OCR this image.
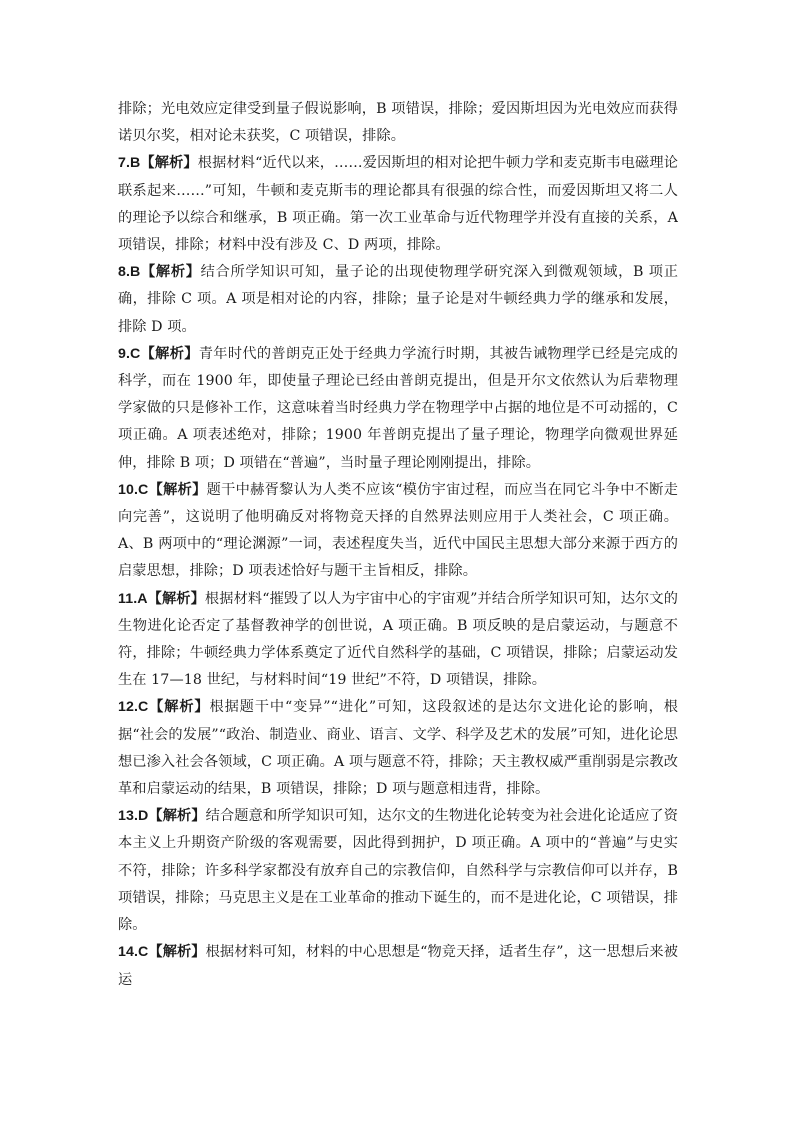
排除；光电效应定律受到量子假说影响，B 项错误，排除；爱因斯坦因为光电效应而获得诺贝尔奖，相对论未获奖，C 项错误，排除。

7.B【解析】根据材料“近代以来，……爱因斯坦的相对论把牛顿力学和麦克斯韦电磁理论联系起来……”可知，牛顿和麦克斯韦的理论都具有很强的综合性，而爱因斯坦又将二人的理论予以综合和继承，B 项正确。第一次工业革命与近代物理学并没有直接的关系，A 项错误，排除；材料中没有涉及 C、D 两项，排除。

8.B【解析】结合所学知识可知，量子论的出现使物理学研究深入到微观领域，B 项正确，排除 C 项。A 项是相对论的内容，排除；量子论是对牛顿经典力学的继承和发展，排除 D 项。

9.C【解析】青年时代的普朗克正处于经典力学流行时期，其被告诫物理学已经是完成的科学，而在 1900 年，即使量子理论已经由普朗克提出，但是开尔文依然认为后辈物理学家做的只是修补工作，这意味着当时经典力学在物理学中占据的地位是不可动摇的，C 项正确。A 项表述绝对，排除；1900 年普朗克提出了量子理论，物理学向微观世界延伸，排除 B 项；D 项错在“普遍”，当时量子理论刚刚提出，排除。

10.C【解析】题干中赫胥黎认为人类不应该“模仿宇宙过程，而应当在同它斗争中不断走向完善”，这说明了他明确反对将物竞天择的自然界法则应用于人类社会，C 项正确。A、B 两项中的“理论渊源”一词，表述程度失当，近代中国民主思想大部分来源于西方的启蒙思想，排除；D 项表述恰好与题干主旨相反，排除。

11.A【解析】根据材料“摧毁了以人为宇宙中心的宇宙观”并结合所学知识可知，达尔文的生物进化论否定了基督教神学的创世说，A 项正确。B 项反映的是启蒙运动，与题意不符，排除；牛顿经典力学体系奠定了近代自然科学的基础，C 项错误，排除；启蒙运动发生在 17—18 世纪，与材料时间“19 世纪”不符，D 项错误，排除。

12.C【解析】根据题干中“变异”“进化”可知，这段叙述的是达尔文进化论的影响，根据“社会的发展”“政治、制造业、商业、语言、文学、科学及艺术的发展”可知，进化论思想已渗入社会各领域，C 项正确。A 项与题意不符，排除；天主教权威严重削弱是宗教改革和启蒙运动的结果，B 项错误，排除；D 项与题意相违背，排除。

13.D【解析】结合题意和所学知识可知，达尔文的生物进化论转变为社会进化论适应了资本主义上升期资产阶级的客观需要，因此得到拥护，D 项正确。A 项中的“普遍”与史实不符，排除；许多科学家都没有放弃自己的宗教信仰，自然科学与宗教信仰可以并存，B 项错误，排除；马克思主义是在工业革命的推动下诞生的，而不是进化论，C 项错误，排除。

14.C【解析】根据材料可知，材料的中心思想是“物竞天择，适者生存”，这一思想后来被运
